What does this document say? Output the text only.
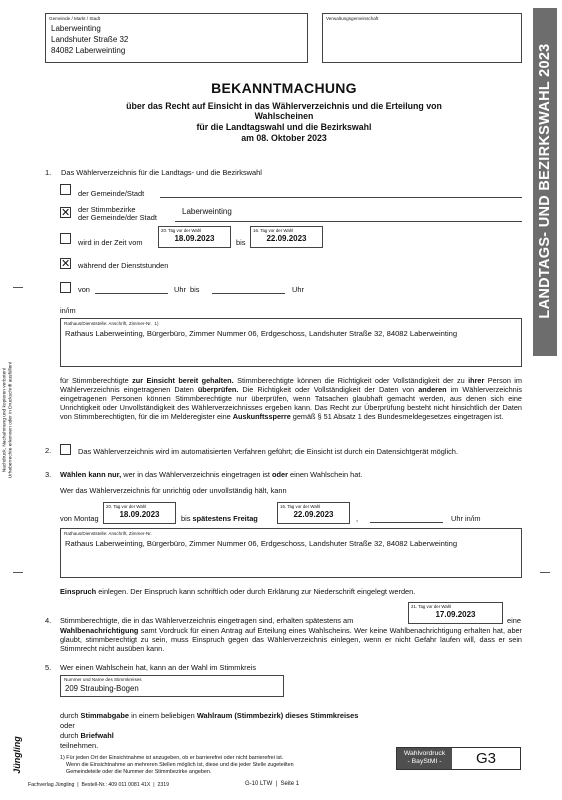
LANDTAGS- UND BEZIRKSWAHL 2023
Nachdruck, Nachahmung und kopieren verboten! Urheberrechte erkennen oder in Druckschrift ausfüllen!
Gemeinde / Markt / Stadt
Laberweinting
Landshuter Straße 32
84082 Laberweinting
Verwaltungsgemeinschaft
BEKANNTMACHUNG
über das Recht auf Einsicht in das Wählerverzeichnis und die Erteilung von
Wahlscheinen
für die Landtagswahl und die Bezirkswahl
am 08. Oktober 2023
1. Das Wählerverzeichnis für die Landtags- und die Bezirkswahl
der Gemeinde/Stadt
✕ der Stimmbezirke
der Gemeinde/der Stadt
Laberweinting
wird in der Zeit vom
20. Tag vor der Wahl
18.09.2023	bis
16. Tag vor der Wahl
22.09.2023
✕ während der Dienststunden
von	Uhr  bis	Uhr
in/im
Rathaus/Dienststelle: Anschrift, Zimmer-Nr. 1)
Rathaus Laberweinting, Bürgerbüro, Zimmer Nummer 06, Erdgeschoss, Landshuter Straße 32, 84082 Laberweinting
für Stimmberechtigte zur Einsicht bereit gehalten. Stimmberechtigte können die Richtigkeit oder Vollständigkeit der zu ihrer Person im Wählerverzeichnis eingetragenen Daten überprüfen. Die Richtigkeit oder Vollständigkeit der Daten von anderen im Wählerverzeichnis eingetragenen Personen können Stimmberechtigte nur überprüfen, wenn Tatsachen glaubhaft gemacht werden, aus denen sich eine Unrichtigkeit oder Unvollständigkeit des Wählerverzeichnisses ergeben kann. Das Recht zur Überprüfung besteht nicht hinsichtlich der Daten von Stimmberechtigten, für die im Melderegister eine Auskunftssperre gemäß § 51 Absatz 1 des Bundesmeldegesetzes eingetragen ist.
2.	Das Wählerverzeichnis wird im automatisierten Verfahren geführt; die Einsicht ist durch ein Datensichtgerät möglich.
3. Wählen kann nur, wer in das Wählerverzeichnis eingetragen ist oder einen Wahlschein hat.
Wer das Wählerverzeichnis für unrichtig oder unvollständig hält, kann
von Montag
20. Tag vor der Wahl
18.09.2023	bis spätestens Freitag
16. Tag vor der Wahl
22.09.2023	,	Uhr in/im
Rathaus/Dienststelle: Anschrift, Zimmer-Nr.
Rathaus Laberweinting, Bürgerbüro, Zimmer Nummer 06, Erdgeschoss, Landshuter Straße 32, 84082 Laberweinting
Einspruch einlegen. Der Einspruch kann schriftlich oder durch Erklärung zur Niederschrift eingelegt werden.
4. Stimmberechtigte, die in das Wählerverzeichnis eingetragen sind, erhalten spätestens am
21. Tag vor der Wahl
17.09.2023
eine
Wahlbenachrichtigung samt Vordruck für einen Antrag auf Erteilung eines Wahlscheins. Wer keine Wahlbenachrichtigung erhalten hat, aber glaubt, stimmberechtigt zu sein, muss Einspruch gegen das Wählerverzeichnis einlegen, wenn er nicht Gefahr laufen will, dass er sein Stimmrecht nicht ausüben kann.
5. Wer einen Wahlschein hat, kann an der Wahl im Stimmkreis
Nummer und Name des Stimmkreises
209 Straubing-Bogen
durch Stimmabgabe in einem beliebigen Wahlraum (Stimmbezirk) dieses Stimmkreises
oder
durch Briefwahl
teilnehmen.
1) Für jeden Ort der Einsichtnahme ist anzugeben, ob er barrierefrei oder nicht barrierefrei ist.
Wenn die Einsichtnahme an mehreren Stellen möglich ist, diese und die jeder Stelle zugeteilten
Gemeindeteile oder die Nummer der Stimmbezirke angeben.
Wahlvordruck
- BayStMI -	G3
Jüngling
Fachverlag Jüngling  |  Bestell-Nr.: 409 011 0081 41X  |  2319	G-10 LTW  |  Seite 1
